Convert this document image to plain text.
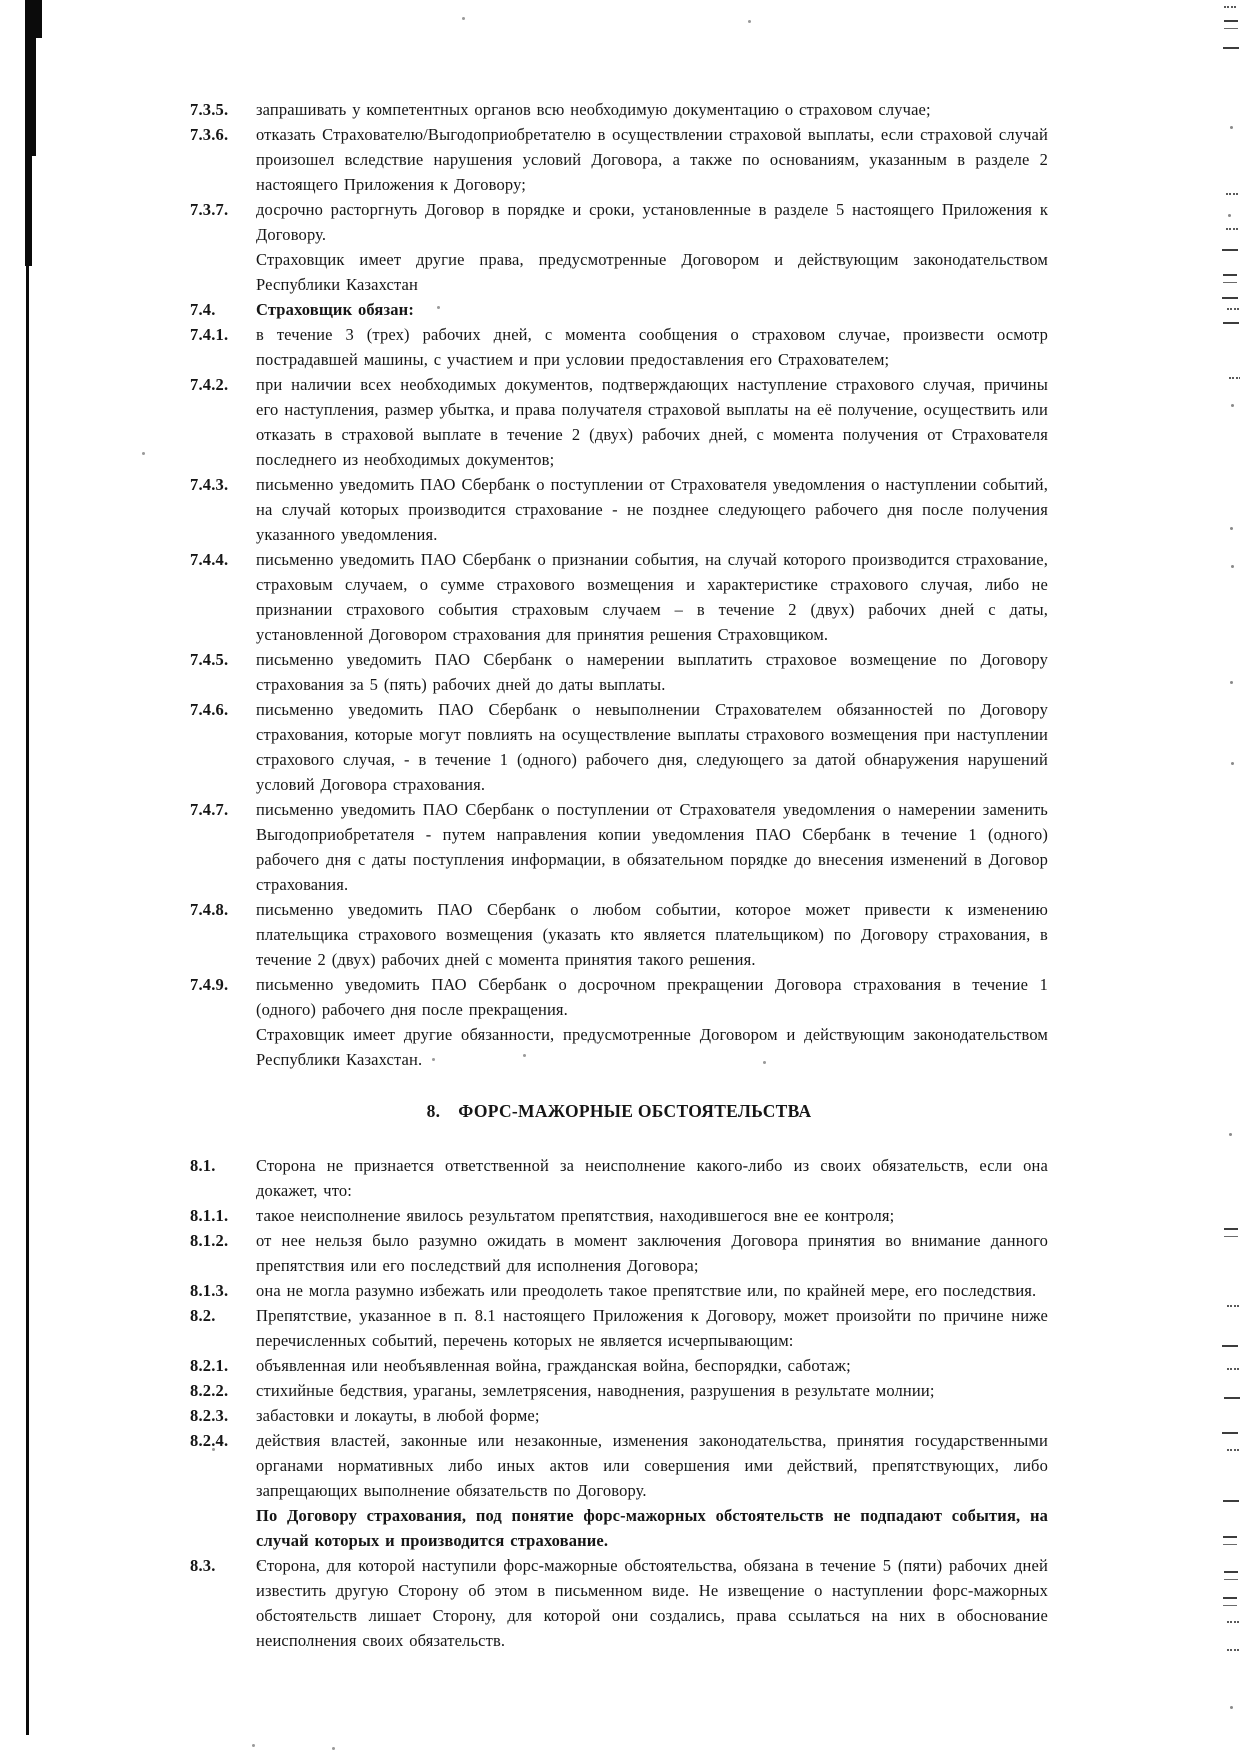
7.3.5.	запрашивать у компетентных органов всю необходимую документацию о страховом случае;

7.3.6.	отказать Страхователю/Выгодоприобретателю в осуществлении страховой выплаты, если страховой случай произошел вследствие нарушения условий Договора, а также по основаниям, указанным в разделе 2 настоящего Приложения к Договору;

7.3.7.	досрочно расторгнуть Договор в порядке и сроки, установленные в разделе 5 настоящего Приложения к Договору.

Страховщик имеет другие права, предусмотренные Договором и действующим законодательством Республики Казахстан

7.4.	Страховщик обязан:

7.4.1.	в течение 3 (трех) рабочих дней, с момента сообщения о страховом случае, произвести осмотр пострадавшей машины, с участием и при условии предоставления его Страхователем;

7.4.2.	при наличии всех необходимых документов, подтверждающих наступление страхового случая, причины его наступления, размер убытка, и права получателя страховой выплаты на её получение, осуществить или отказать в страховой выплате в течение 2 (двух) рабочих дней, с момента получения от Страхователя последнего из необходимых документов;

7.4.3.	письменно уведомить ПАО Сбербанк о поступлении от Страхователя уведомления о наступлении событий, на случай которых производится страхование - не позднее следующего рабочего дня после получения указанного уведомления.

7.4.4.	письменно уведомить ПАО Сбербанк о признании события, на случай которого производится страхование, страховым случаем, о сумме страхового возмещения и характеристике страхового случая, либо не признании страхового события страховым случаем – в течение 2 (двух) рабочих дней с даты, установленной Договором страхования для принятия решения Страховщиком.

7.4.5.	письменно уведомить ПАО Сбербанк о намерении выплатить страховое возмещение по Договору страхования за 5 (пять) рабочих дней до даты выплаты.

7.4.6.	письменно уведомить ПАО Сбербанк о невыполнении Страхователем обязанностей по Договору страхования, которые могут повлиять на осуществление выплаты страхового возмещения при наступлении страхового случая, - в течение 1 (одного) рабочего дня, следующего за датой обнаружения нарушений условий Договора страхования.

7.4.7.	письменно уведомить ПАО Сбербанк о поступлении от Страхователя уведомления о намерении заменить Выгодоприобретателя - путем направления копии уведомления ПАО Сбербанк в течение 1 (одного) рабочего дня с даты поступления информации, в обязательном порядке до внесения изменений в Договор страхования.

7.4.8.	письменно уведомить ПАО Сбербанк о любом событии, которое может привести к изменению плательщика страхового возмещения (указать кто является плательщиком) по Договору страхования, в течение 2 (двух) рабочих дней с момента принятия такого решения.

7.4.9.	письменно уведомить ПАО Сбербанк о досрочном прекращении Договора страхования в течение 1 (одного) рабочего дня после прекращения.

Страховщик имеет другие обязанности, предусмотренные Договором и действующим законодательством Республики Казахстан.

8. ФОРС-МАЖОРНЫЕ ОБСТОЯТЕЛЬСТВА
8.1.	Сторона не признается ответственной за неисполнение какого-либо из своих обязательств, если она докажет, что:

8.1.1.	такое неисполнение явилось результатом препятствия, находившегося вне ее контроля;

8.1.2.	от нее нельзя было разумно ожидать в момент заключения Договора принятия во внимание данного препятствия или его последствий для исполнения Договора;

8.1.3.	она не могла разумно избежать или преодолеть такое препятствие или, по крайней мере, его последствия.

8.2.	Препятствие, указанное в п. 8.1 настоящего Приложения к Договору, может произойти по причине ниже перечисленных событий, перечень которых не является исчерпывающим:

8.2.1.	объявленная или необъявленная война, гражданская война, беспорядки, саботаж;

8.2.2.	стихийные бедствия, ураганы, землетрясения, наводнения, разрушения в результате молнии;

8.2.3.	забастовки и локауты, в любой форме;

8.2.4.	действия властей, законные или незаконные, изменения законодательства, принятия государственными органами нормативных либо иных актов или совершения ими действий, препятствующих, либо запрещающих выполнение обязательств по Договору.

По Договору страхования, под понятие форс-мажорных обстоятельств не подпадают события, на случай которых и производится страхование.

8.3.	Сторона, для которой наступили форс-мажорные обстоятельства, обязана в течение 5 (пяти) рабочих дней известить другую Сторону об этом в письменном виде. Не извещение о наступлении форс-мажорных обстоятельств лишает Сторону, для которой они создались, права ссылаться на них в обоснование неисполнения своих обязательств.
